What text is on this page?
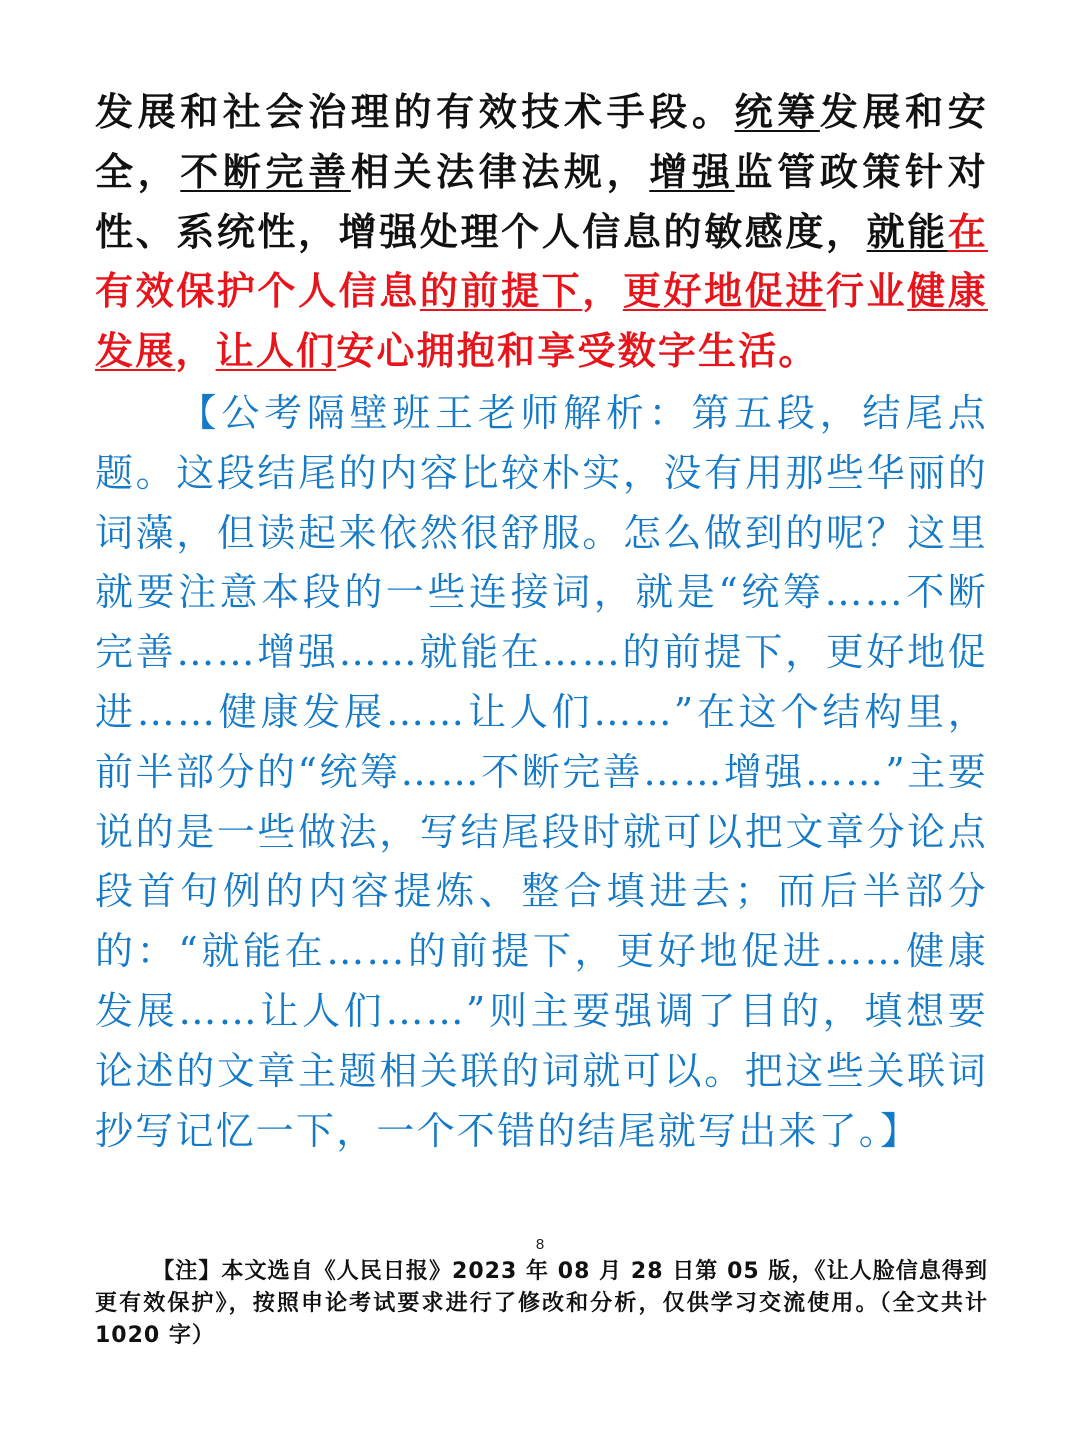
发展和社会治理的有效技术手段。统筹发展和安全，不断完善相关法律法规，增强监管政策针对性、系统性，增强处理个人信息的敏感度，就能在有效保护个人信息的前提下，更好地促进行业健康发展，让人们安心拥抱和享受数字生活。
【公考隔壁班王老师解析：第五段，结尾点题。这段结尾的内容比较朴实，没有用那些华丽的词藻，但读起来依然很舒服。怎么做到的呢？这里就要注意本段的一些连接词，就是“统筹……不断完善……增强……就能在……的前提下，更好地促进……健康发展……让人们……”在这个结构里，前半部分的“统筹……不断完善……增强……”主要说的是一些做法，写结尾段时就可以把文章分论点段首句例的内容提炼、整合填进去；而后半部分的：“就能在……的前提下，更好地促进……健康发展……让人们……”则主要强调了目的，填想要论述的文章主题相关联的词就可以。把这些关联词抄写记忆一下，一个不错的结尾就写出来了。】
8
【注】本文选自《人民日报》2023 年 08 月 28 日第 05 版，《让人脸信息得到更有效保护》，按照申论考试要求进行了修改和分析，仅供学习交流使用。（全文共计 1020 字）
